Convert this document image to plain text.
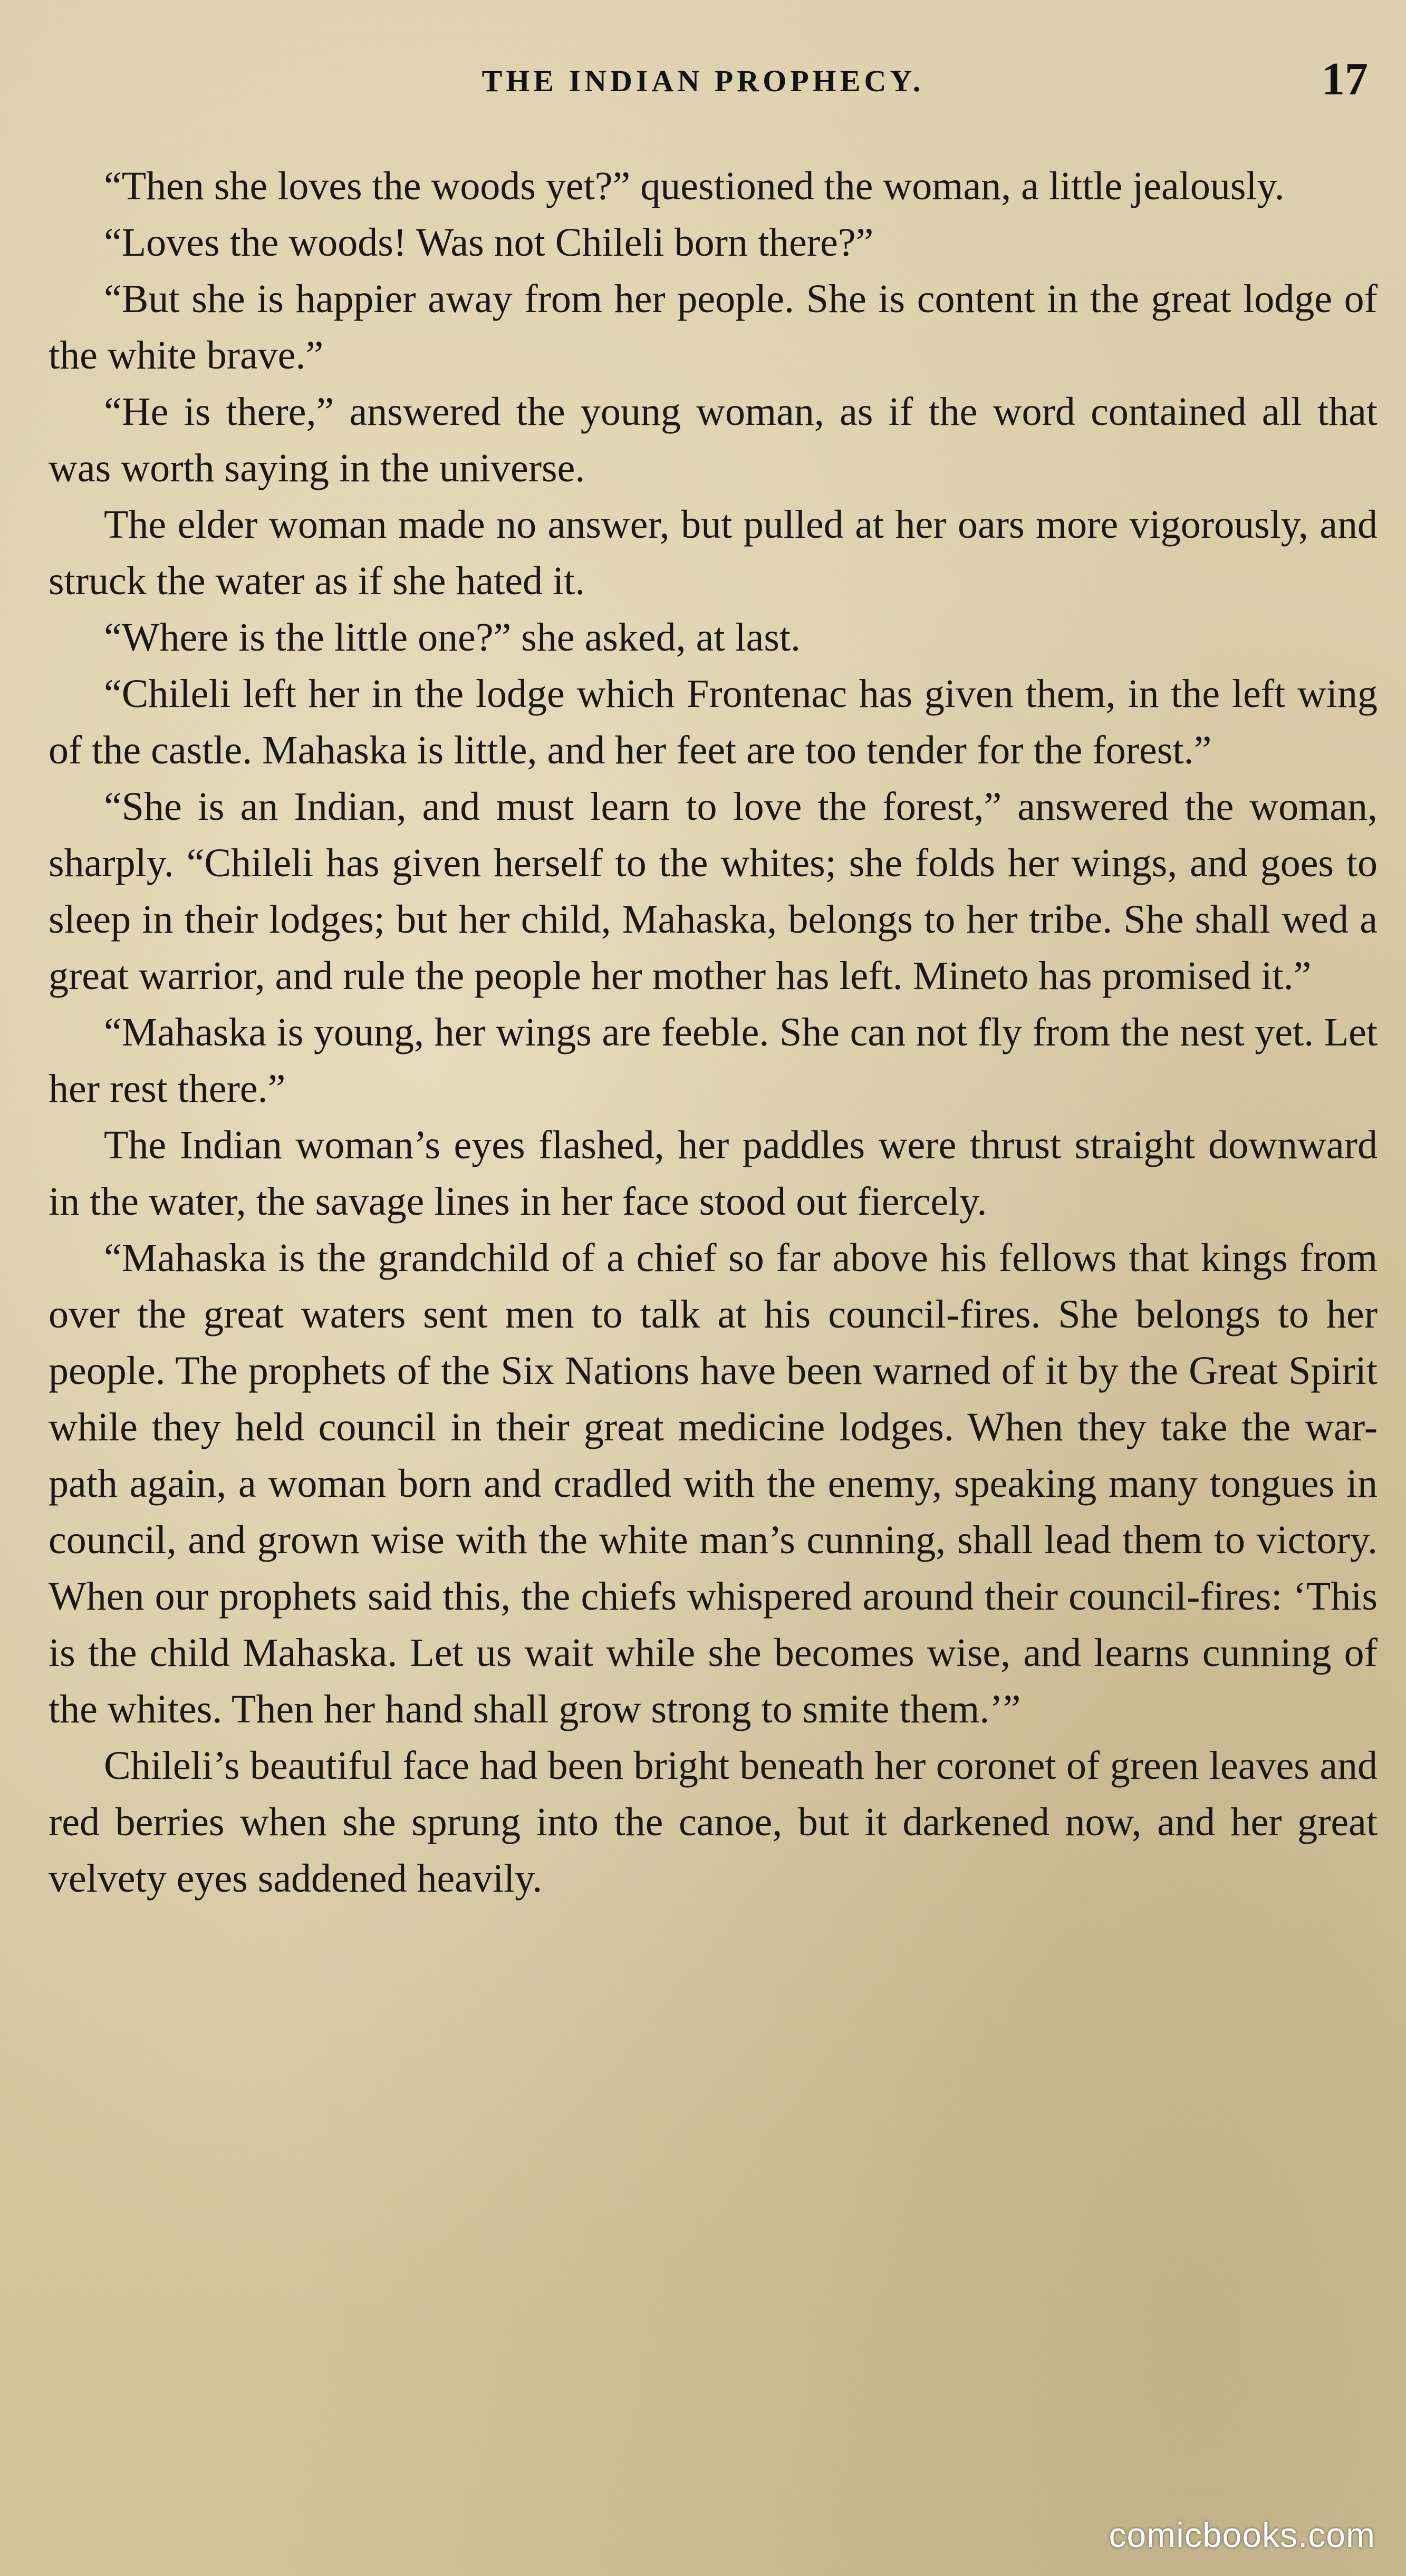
THE INDIAN PROPHECY.	17

“Then she loves the woods yet?” questioned the woman, a little jealously.

“Loves the woods! Was not Chileli born there?”

“But she is happier away from her people. She is content in the great lodge of the white brave.”

“He is there,” answered the young woman, as if the word contained all that was worth saying in the universe.

The elder woman made no answer, but pulled at her oars more vigorously, and struck the water as if she hated it.

“Where is the little one?” she asked, at last.

“Chileli left her in the lodge which Frontenac has given them, in the left wing of the castle. Mahaska is little, and her feet are too tender for the forest.”

“She is an Indian, and must learn to love the forest,” answered the woman, sharply. “Chileli has given herself to the whites; she folds her wings, and goes to sleep in their lodges; but her child, Mahaska, belongs to her tribe. She shall wed a great warrior, and rule the people her mother has left. Mineto has promised it.”

“Mahaska is young, her wings are feeble. She can not fly from the nest yet. Let her rest there.”

The Indian woman’s eyes flashed, her paddles were thrust straight downward in the water, the savage lines in her face stood out fiercely.

“Mahaska is the grandchild of a chief so far above his fellows that kings from over the great waters sent men to talk at his council-fires. She belongs to her people. The prophets of the Six Nations have been warned of it by the Great Spirit while they held council in their great medicine lodges. When they take the war-path again, a woman born and cradled with the enemy, speaking many tongues in council, and grown wise with the white man’s cunning, shall lead them to victory. When our prophets said this, the chiefs whispered around their council-fires: ‘This is the child Mahaska. Let us wait while she becomes wise, and learns cunning of the whites. Then her hand shall grow strong to smite them.’”

Chileli’s beautiful face had been bright beneath her coronet of green leaves and red berries when she sprung into the canoe, but it darkened now, and her great velvety eyes saddened heavily.

comicbooks.com
